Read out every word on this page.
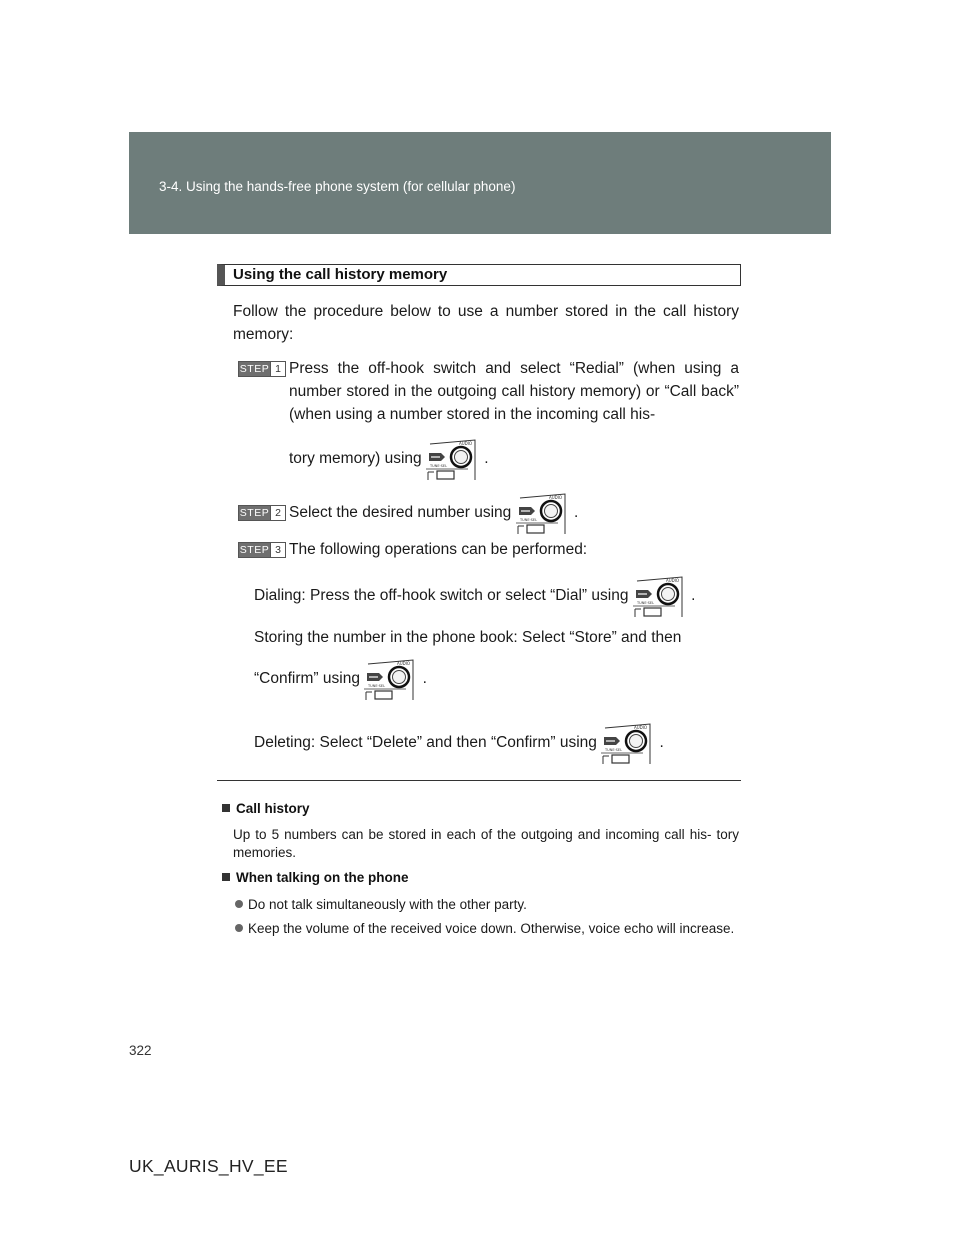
3-4. Using the hands-free phone system (for cellular phone)
Using the call history memory
Follow the procedure below to use a number stored in the call history memory:
STEP 1 Press the off-hook switch and select “Redial” (when using a number stored in the outgoing call history memory) or “Call back” (when using a number stored in the incoming call his-
tory memory) using
AUDIO
TUNE·SEL .
STEP 2 Select the desired number using
AUDIO
TUNE·SEL .
STEP 3 The following operations can be performed:
Dialing: Press the off-hook switch or select “Dial” using
AUDIO
TUNE·SEL .
Storing the number in the phone book: Select “Store” and then
“Confirm” using
AUDIO
TUNE·SEL .
Deleting: Select “Delete” and then “Confirm” using
AUDIO
TUNE·SEL .
Call history
Up to 5 numbers can be stored in each of the outgoing and incoming call his- tory memories.
When talking on the phone
Do not talk simultaneously with the other party.
Keep the volume of the received voice down. Otherwise, voice echo will increase.
322
UK_AURIS_HV_EE
